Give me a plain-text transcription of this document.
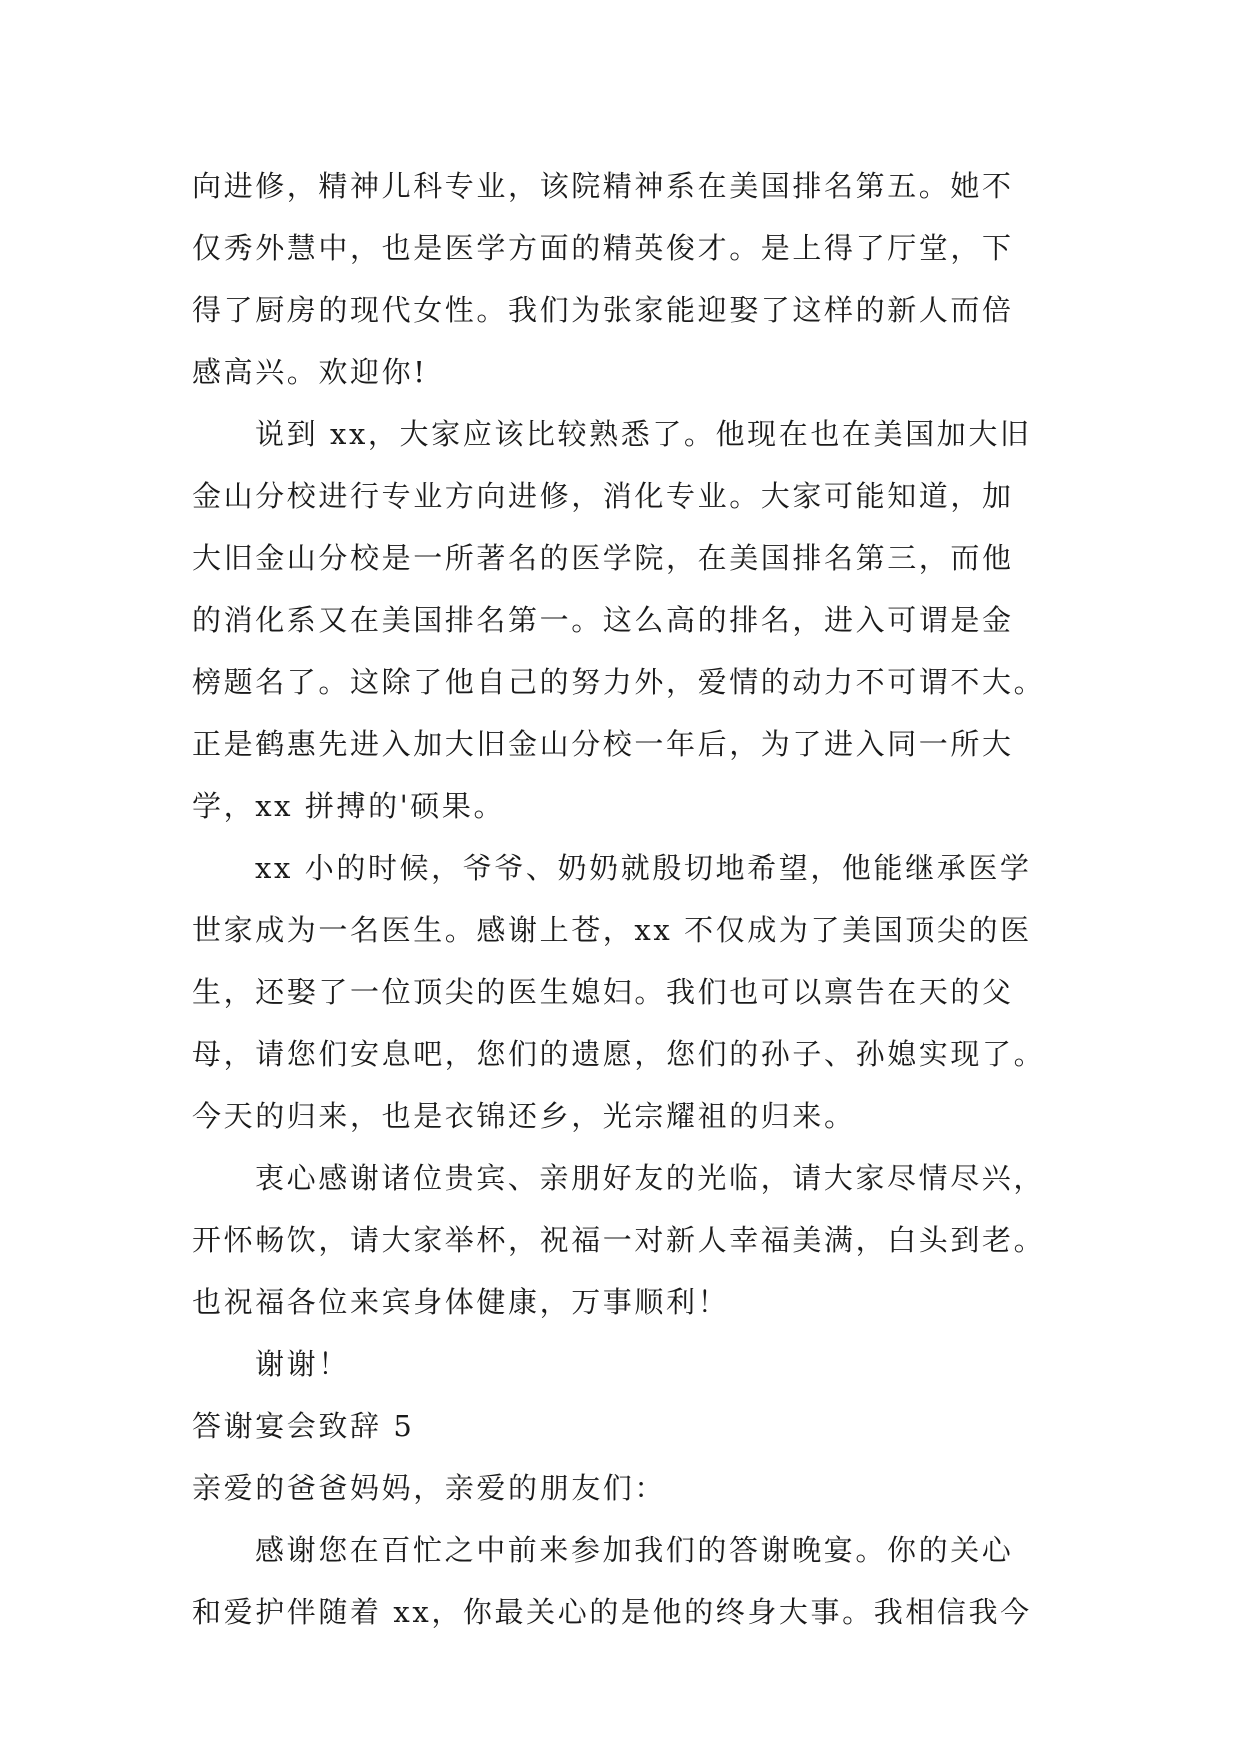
向进修，精神儿科专业，该院精神系在美国排名第五。她不
仅秀外慧中，也是医学方面的精英俊才。是上得了厅堂，下
得了厨房的现代女性。我们为张家能迎娶了这样的新人而倍
感高兴。欢迎你!
说到 xx，大家应该比较熟悉了。他现在也在美国加大旧
金山分校进行专业方向进修，消化专业。大家可能知道，加
大旧金山分校是一所著名的医学院，在美国排名第三，而他
的消化系又在美国排名第一。这么高的排名，进入可谓是金
榜题名了。这除了他自己的努力外，爱情的动力不可谓不大。
正是鹤惠先进入加大旧金山分校一年后，为了进入同一所大
学，xx 拼搏的'硕果。
xx 小的时候，爷爷、奶奶就殷切地希望，他能继承医学
世家成为一名医生。感谢上苍，xx 不仅成为了美国顶尖的医
生，还娶了一位顶尖的医生媳妇。我们也可以禀告在天的父
母，请您们安息吧，您们的遗愿，您们的孙子、孙媳实现了。
今天的归来，也是衣锦还乡，光宗耀祖的归来。
衷心感谢诸位贵宾、亲朋好友的光临，请大家尽情尽兴，
开怀畅饮，请大家举杯，祝福一对新人幸福美满，白头到老。
也祝福各位来宾身体健康，万事顺利！
谢谢！
答谢宴会致辞 5
亲爱的爸爸妈妈，亲爱的朋友们：
感谢您在百忙之中前来参加我们的答谢晚宴。你的关心
和爱护伴随着 xx，你最关心的是他的终身大事。我相信我今
